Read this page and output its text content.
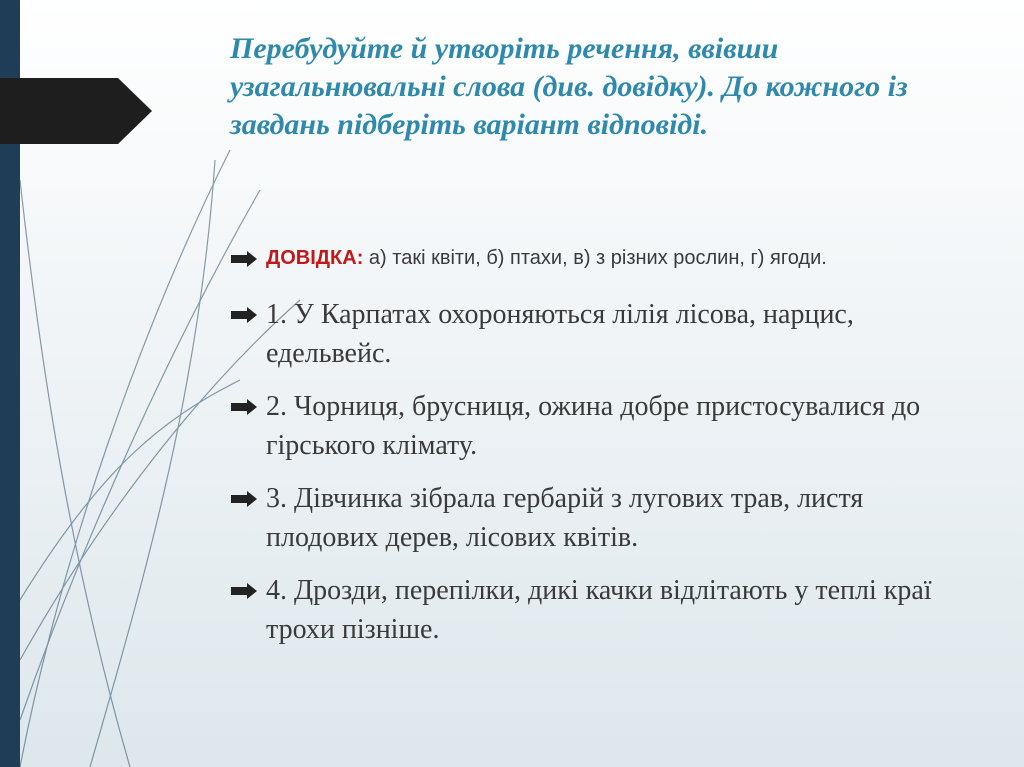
Перебудуйте й утворіть речення, ввівши узагальнювальні слова (див. довідку). До кожного із завдань підберіть варіант відповіді.
ДОВІДКА: а) такі квіти, б) птахи, в) з різних рослин, г) ягоди.
1. У Карпатах охороняються лілія лісова, нарцис, едельвейс.
2. Чорниця, брусниця, ожина добре пристосувалися до гірського клімату.
3. Дівчинка зібрала гербарій з лугових трав, листя плодових дерев, лісових квітів.
4. Дрозди, перепілки, дикі качки відлітають у теплі краї трохи пізніше.
